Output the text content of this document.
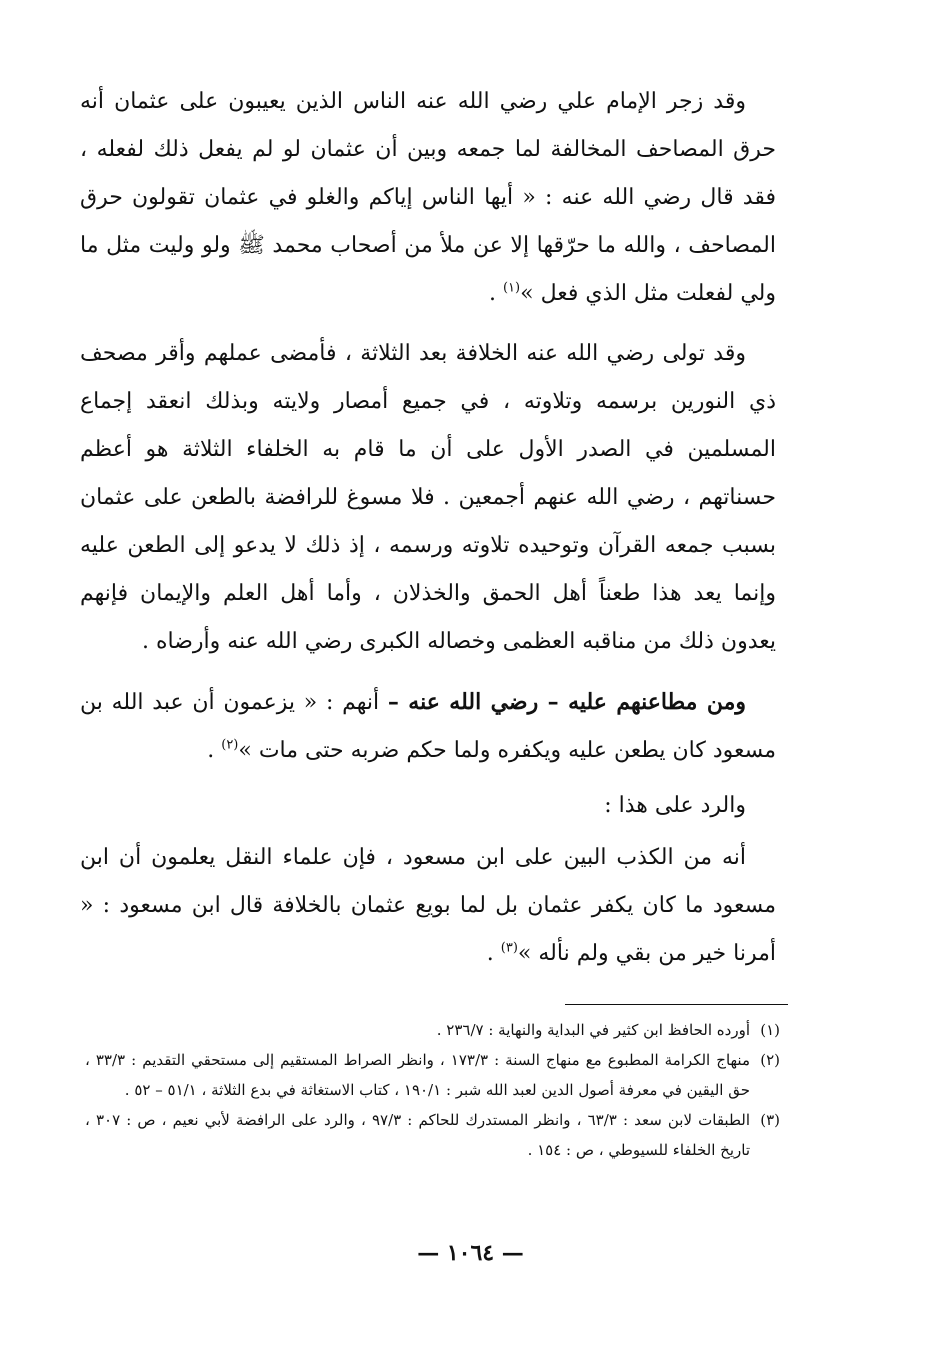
وقد زجر الإمام علي رضي الله عنه الناس الذين يعيبون على عثمان أنه حرق المصاحف المخالفة لما جمعه وبين أن عثمان لو لم يفعل ذلك لفعله ، فقد قال رضي الله عنه : « أيها الناس إياكم والغلو في عثمان تقولون حرق المصاحف ، والله ما حرّقها إلا عن ملأ من أصحاب محمد ﷺ ولو وليت مثل ما ولي لفعلت مثل الذي فعل »$^{(١)}$ .

وقد تولى رضي الله عنه الخلافة بعد الثلاثة ، فأمضى عملهم وأقر مصحف ذي النورين برسمه وتلاوته ، في جميع أمصار ولايته وبذلك انعقد إجماع المسلمين في الصدر الأول على أن ما قام به الخلفاء الثلاثة هو أعظم حسناتهم ، رضي الله عنهم أجمعين . فلا مسوغ للرافضة بالطعن على عثمان بسبب جمعه القرآن وتوحيده تلاوته ورسمه ، إذ ذلك لا يدعو إلى الطعن عليه وإنما يعد هذا طعناً أهل الحمق والخذلان ، وأما أهل العلم والإيمان فإنهم يعدون ذلك من مناقبه العظمى وخصاله الكبرى رضي الله عنه وأرضاه .

ومن مطاعنهم عليه – رضي الله عنه – أنهم : « يزعمون أن عبد الله بن مسعود كان يطعن عليه ويكفره ولما حكم ضربه حتى مات »$^{(٢)}$ .

والرد على هذا :

أنه من الكذب البين على ابن مسعود ، فإن علماء النقل يعلمون أن ابن مسعود ما كان يكفر عثمان بل لما بويع عثمان بالخلافة قال ابن مسعود : « أمرنا خير من بقي ولم نأله »$^{(٣)}$ .

(١)
أورده الحافظ ابن كثير في البداية والنهاية : ٢٣٦/٧ .
(٢)
منهاج الكرامة المطبوع مع منهاج السنة : ١٧٣/٣ ، وانظر الصراط المستقيم إلى مستحقي التقديم : ٣٣/٣ ، حق اليقين في معرفة أصول الدين لعبد الله شبر : ١٩٠/١ ، كتاب الاستغاثة في بدع الثلاثة ، ٥١/١ – ٥٢ .
(٣)
الطبقات لابن سعد : ٦٣/٣ ، وانظر المستدرك للحاكم : ٩٧/٣ ، والرد على الرافضة لأبي نعيم ، ص : ٣٠٧ ، تاريخ الخلفاء للسيوطي ، ص : ١٥٤ .
— ١٠٦٤ —
